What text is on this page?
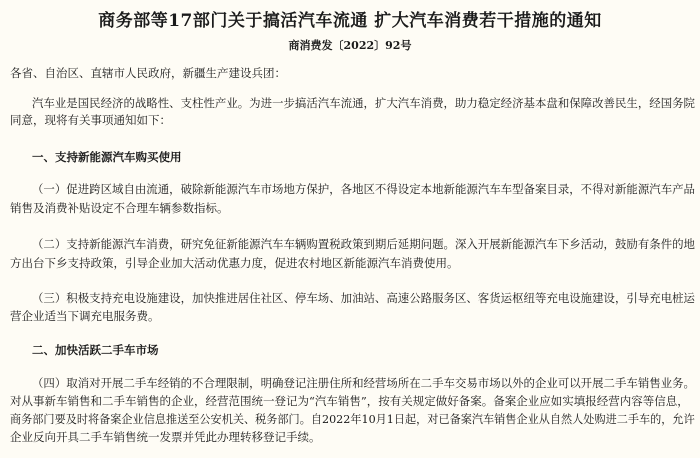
商务部等17部门关于搞活汽车流通 扩大汽车消费若干措施的通知
商消费发〔2022〕92号
各省、自治区、直辖市人民政府，新疆生产建设兵团：
汽车业是国民经济的战略性、支柱性产业。为进一步搞活汽车流通，扩大汽车消费，助力稳定经济基本盘和保障改善民生，经国务院
同意，现将有关事项通知如下：
一、支持新能源汽车购买使用
（一）促进跨区域自由流通，破除新能源汽车市场地方保护，各地区不得设定本地新能源汽车车型备案目录，不得对新能源汽车产品
销售及消费补贴设定不合理车辆参数指标。
（二）支持新能源汽车消费，研究免征新能源汽车车辆购置税政策到期后延期问题。深入开展新能源汽车下乡活动，鼓励有条件的地
方出台下乡支持政策，引导企业加大活动优惠力度，促进农村地区新能源汽车消费使用。
（三）积极支持充电设施建设，加快推进居住社区、停车场、加油站、高速公路服务区、客货运枢纽等充电设施建设，引导充电桩运
营企业适当下调充电服务费。
二、加快活跃二手车市场
（四）取消对开展二手车经销的不合理限制，明确登记注册住所和经营场所在二手车交易市场以外的企业可以开展二手车销售业务。
对从事新车销售和二手车销售的企业，经营范围统一登记为“汽车销售”，按有关规定做好备案。备案企业应如实填报经营内容等信息，
商务部门要及时将备案企业信息推送至公安机关、税务部门。自2022年10月1日起，对已备案汽车销售企业从自然人处购进二手车的，允许
企业反向开具二手车销售统一发票并凭此办理转移登记手续。
